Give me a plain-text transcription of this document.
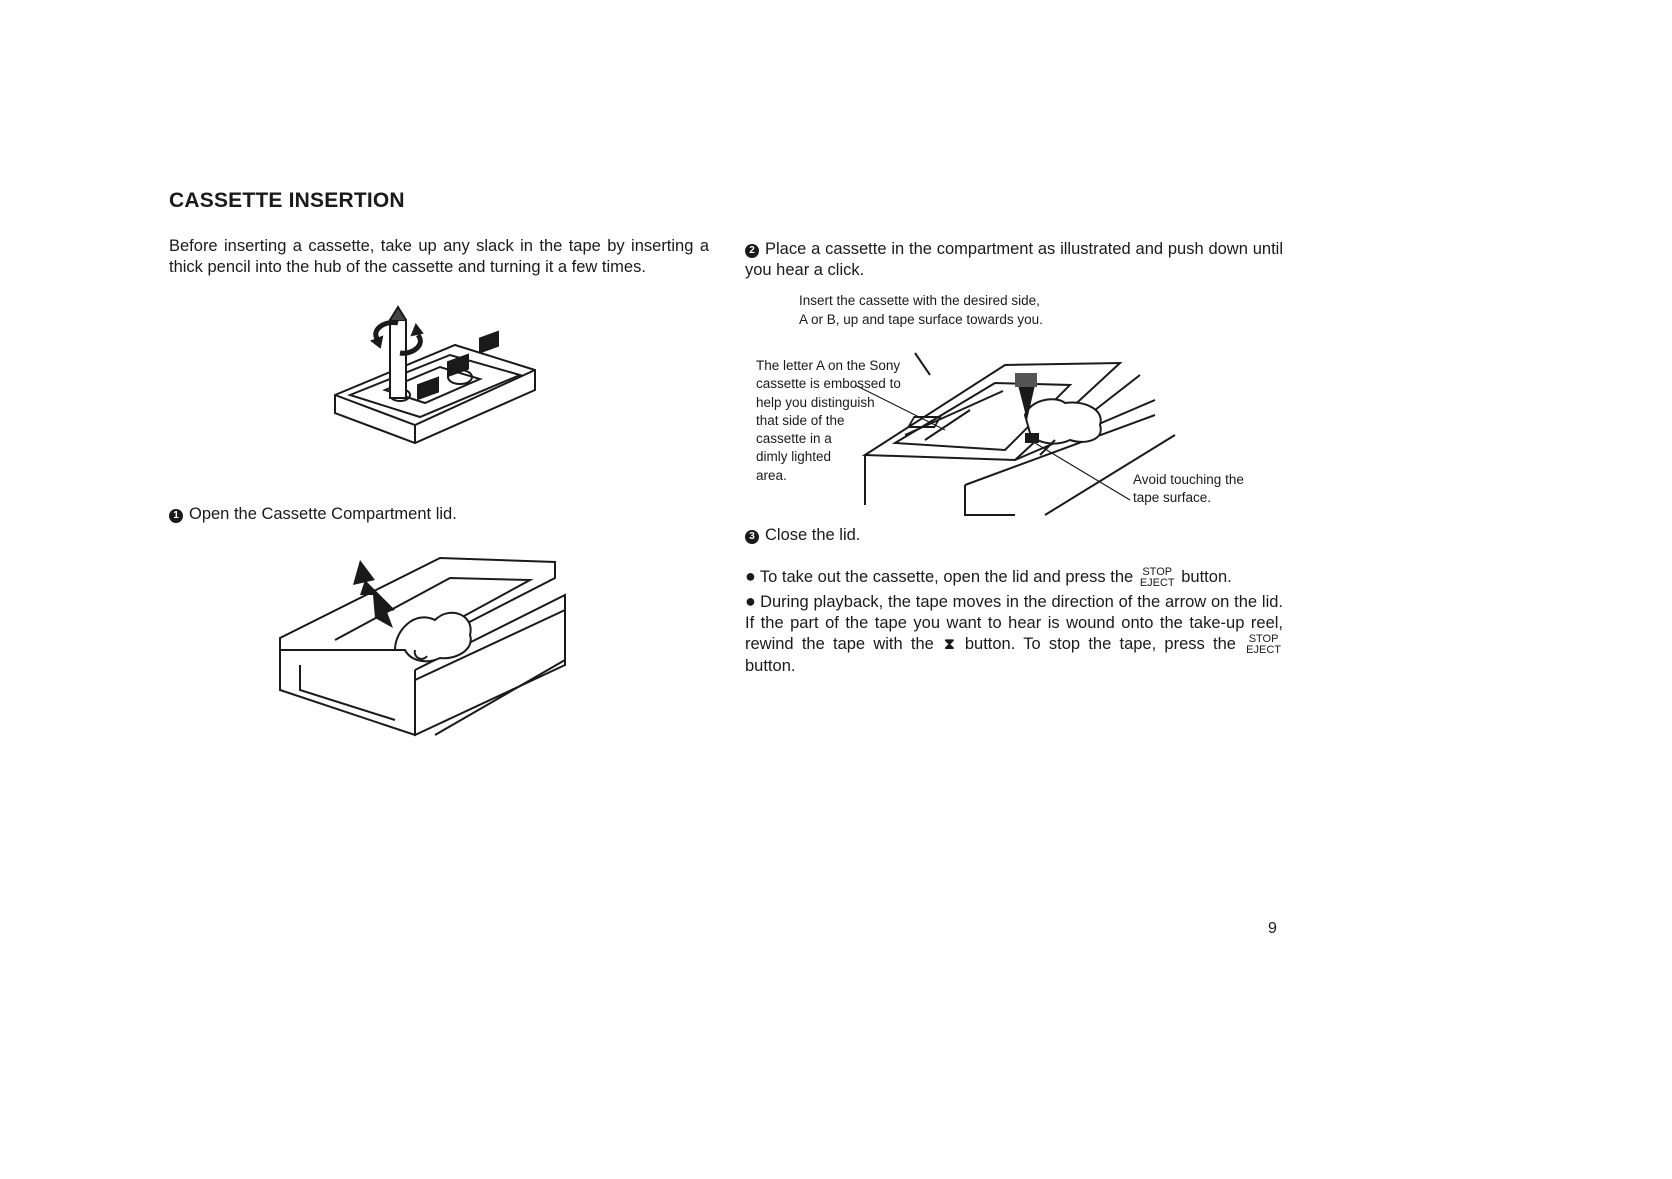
CASSETTE INSERTION
Before inserting a cassette, take up any slack in the tape by inserting a thick pencil into the hub of the cassette and turning it a few times.
1 Open the Cassette Compartment lid.
2 Place a cassette in the compartment as illustrated and push down until you hear a click.
Insert the cassette with the desired side,
A or B, up and tape surface towards you.
The letter A on the Sony
cassette is embossed to
help you distinguish
that side of the
cassette in a
dimly lighted
area.	Avoid touching the
tape surface.
3 Close the lid.

● To take out the cassette, open the lid and press the STOP
EJECT button.

● During playback, the tape moves in the direction of the arrow on the lid. If the part of the tape you want to hear is wound onto the take-up reel, rewind the tape with the ⧗ button. To stop the tape, press the STOP
EJECT
button.

9
